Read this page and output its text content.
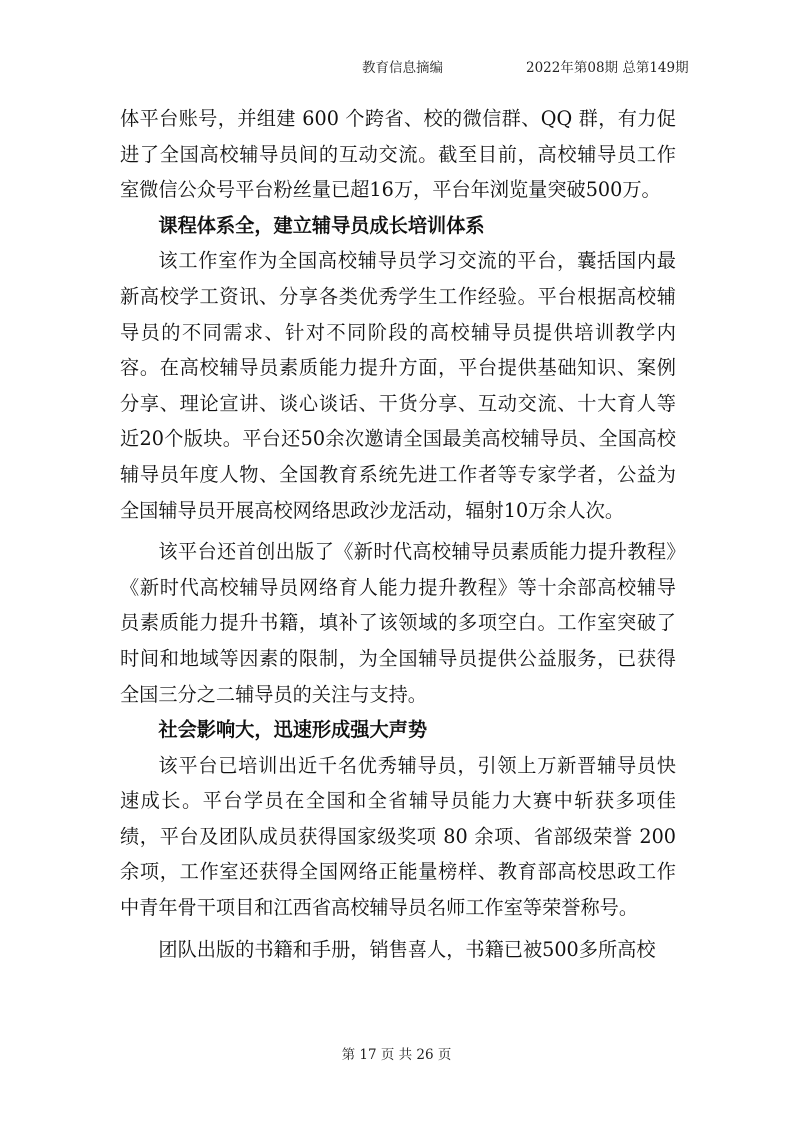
教育信息摘编	2022年第08期 总第149期

体平台账号，并组建 600 个跨省、校的微信群、QQ 群，有力促进了全国高校辅导员间的互动交流。截至目前，高校辅导员工作室微信公众号平台粉丝量已超16万，平台年浏览量突破500万。

课程体系全，建立辅导员成长培训体系

该工作室作为全国高校辅导员学习交流的平台，囊括国内最新高校学工资讯、分享各类优秀学生工作经验。平台根据高校辅导员的不同需求、针对不同阶段的高校辅导员提供培训教学内容。在高校辅导员素质能力提升方面，平台提供基础知识、案例分享、理论宣讲、谈心谈话、干货分享、互动交流、十大育人等近20个版块。平台还50余次邀请全国最美高校辅导员、全国高校辅导员年度人物、全国教育系统先进工作者等专家学者，公益为全国辅导员开展高校网络思政沙龙活动，辐射10万余人次。

该平台还首创出版了《新时代高校辅导员素质能力提升教程》《新时代高校辅导员网络育人能力提升教程》等十余部高校辅导员素质能力提升书籍，填补了该领域的多项空白。工作室突破了时间和地域等因素的限制，为全国辅导员提供公益服务，已获得全国三分之二辅导员的关注与支持。

社会影响大，迅速形成强大声势

该平台已培训出近千名优秀辅导员，引领上万新晋辅导员快速成长。平台学员在全国和全省辅导员能力大赛中斩获多项佳绩，平台及团队成员获得国家级奖项 80 余项、省部级荣誉 200 余项，工作室还获得全国网络正能量榜样、教育部高校思政工作中青年骨干项目和江西省高校辅导员名师工作室等荣誉称号。

团队出版的书籍和手册，销售喜人，书籍已被500多所高校

第 17 页 共 26 页
